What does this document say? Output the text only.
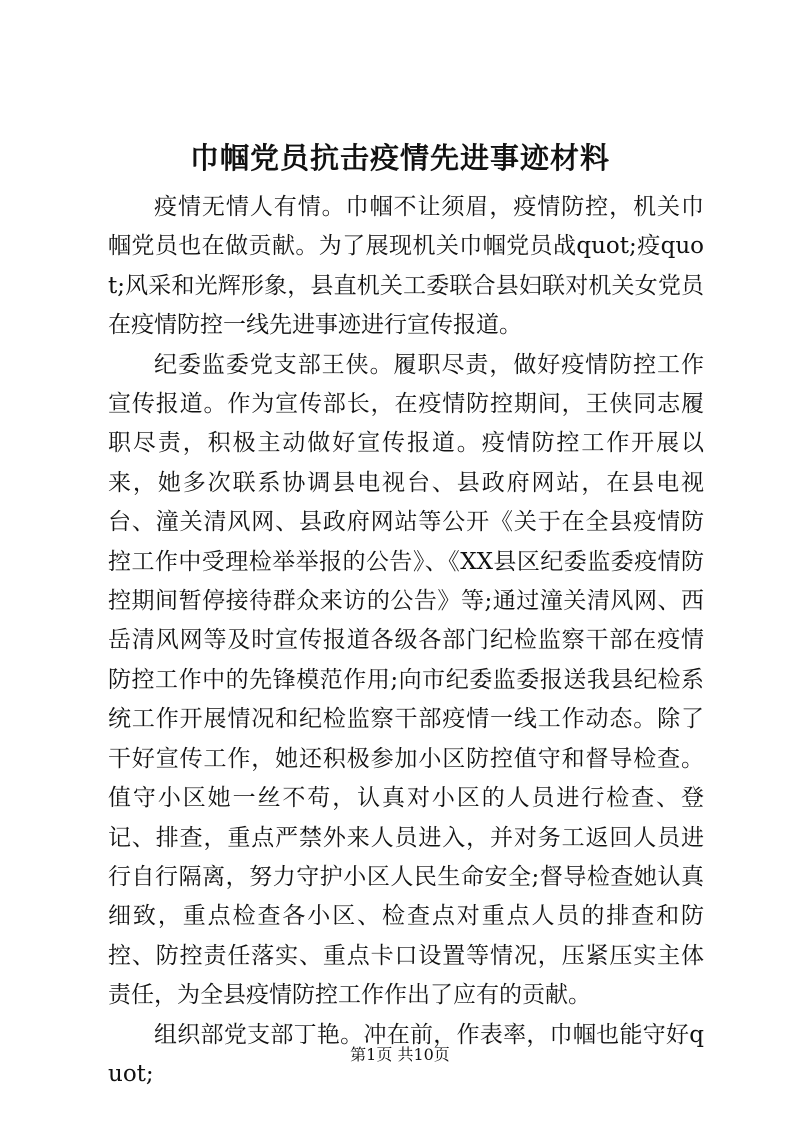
巾帼党员抗击疫情先进事迹材料

疫情无情人有情。巾帼不让须眉，疫情防控，机关巾帼党员也在做贡献。为了展现机关巾帼党员战quot;疫quot;风采和光辉形象，县直机关工委联合县妇联对机关女党员在疫情防控一线先进事迹进行宣传报道。

纪委监委党支部王侠。履职尽责，做好疫情防控工作宣传报道。作为宣传部长，在疫情防控期间，王侠同志履职尽责，积极主动做好宣传报道。疫情防控工作开展以来，她多次联系协调县电视台、县政府网站，在县电视台、潼关清风网、县政府网站等公开《关于在全县疫情防控工作中受理检举举报的公告》、《XX县区纪委监委疫情防控期间暂停接待群众来访的公告》等;通过潼关清风网、西岳清风网等及时宣传报道各级各部门纪检监察干部在疫情防控工作中的先锋模范作用;向市纪委监委报送我县纪检系统工作开展情况和纪检监察干部疫情一线工作动态。除了干好宣传工作，她还积极参加小区防控值守和督导检查。值守小区她一丝不苟，认真对小区的人员进行检查、登记、排查，重点严禁外来人员进入，并对务工返回人员进行自行隔离，努力守护小区人民生命安全;督导检查她认真细致，重点检查各小区、检查点对重点人员的排查和防控、防控责任落实、重点卡口设置等情况，压紧压实主体责任，为全县疫情防控工作作出了应有的贡献。

组织部党支部丁艳。冲在前，作表率，巾帼也能守好quot;

第1页 共10页
